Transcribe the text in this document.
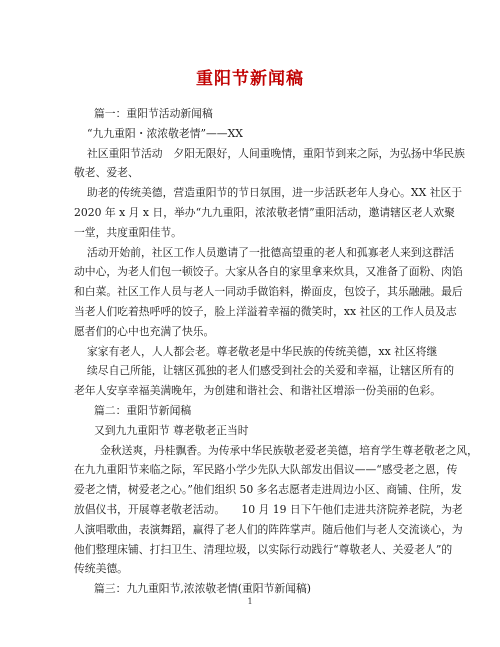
重阳节新闻稿

篇一：重阳节活动新闻稿

“九九重阳・浓浓敬老情”——XX

社区重阳节活动　夕阳无限好，人间重晚情，重阳节到来之际，为弘扬中华民族

敬老、爱老、

助老的传统美德，营造重阳节的节日氛围，进一步活跃老年人身心。XX 社区于

2020 年 x 月 x 日，举办“九九重阳，浓浓敬老情”重阳活动，邀请辖区老人欢聚

一堂，共度重阳佳节。

活动开始前，社区工作人员邀请了一批德高望重的老人和孤寡老人来到这群活

动中心，为老人们包一顿饺子。大家从各自的家里拿来炊具，又准备了面粉、肉馅

和白菜。社区工作人员与老人一同动手做馅料，擀面皮，包饺子，其乐融融。最后

当老人们吃着热呼呼的饺子，脸上洋溢着幸福的微笑时，xx 社区的工作人员及志

愿者们的心中也充满了快乐。

家家有老人，人人都会老。尊老敬老是中华民族的传统美德，xx 社区将继

续尽自己所能，让辖区孤独的老人们感受到社会的关爱和幸福，让辖区所有的

老年人安享幸福美满晚年，为创建和谐社会、和谐社区增添一份美丽的色彩。

篇二：重阳节新闻稿

又到九九重阳节 尊老敬老正当时

金秋送爽，丹桂飘香。为传承中华民族敬老爱老美德，培育学生尊老敬老之风，

在九九重阳节来临之际，军民路小学少先队大队部发出倡议——“感受老之恩，传

爱老之情，树爱老之心。”他们组织 50 多名志愿者走进周边小区、商铺、住所，发

放倡仪书，开展尊老敬老活动。　　10 月 19 日下午他们走进共济院养老院，为老

人演唱歌曲，表演舞蹈，赢得了老人们的阵阵掌声。随后他们与老人交流谈心，为

他们整理床铺、打扫卫生、清理垃圾，以实际行动践行“尊敬老人、关爱老人”的

传统美德。

篇三：九九重阳节,浓浓敬老情(重阳节新闻稿)

1
